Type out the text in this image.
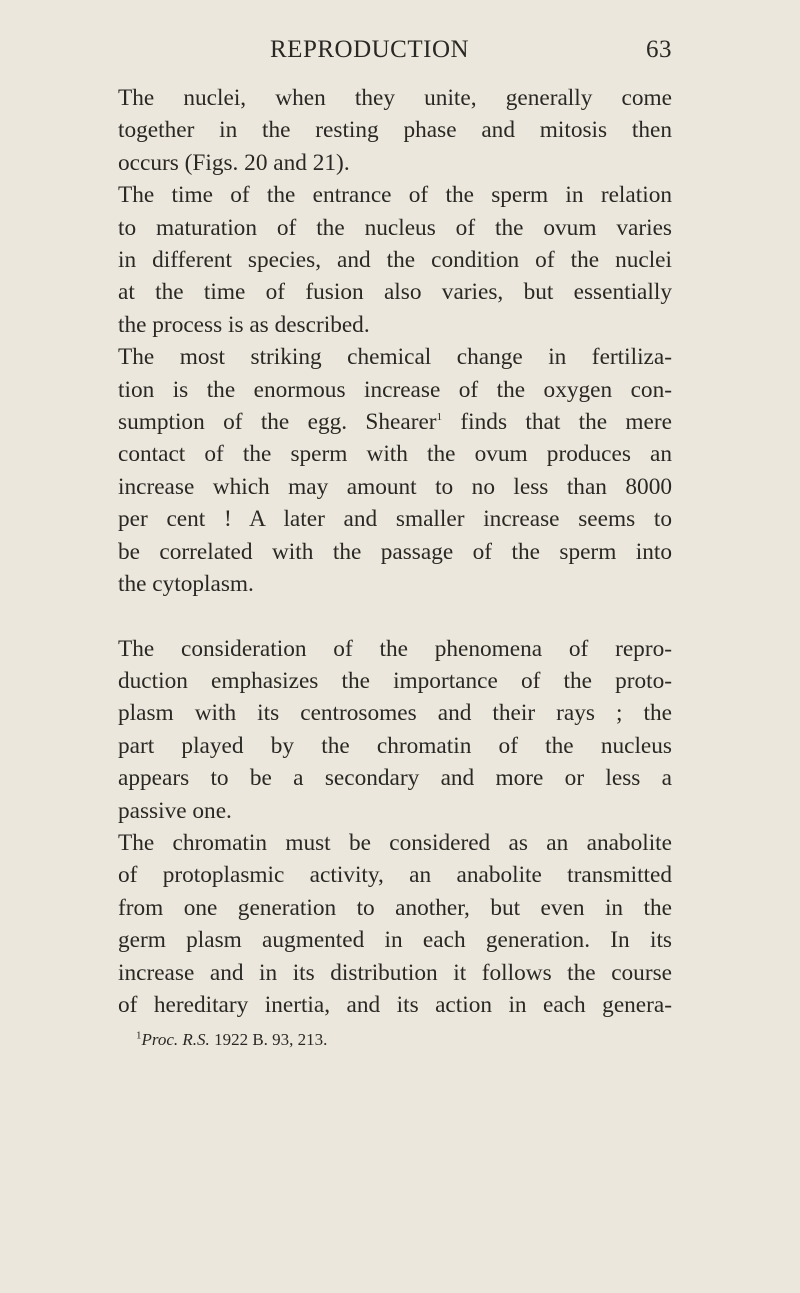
REPRODUCTION	63

The nuclei, when they unite, generally come
together in the resting phase and mitosis then
occurs (Figs. 20 and 21).

The time of the entrance of the sperm in relation
to maturation of the nucleus of the ovum varies
in different species, and the condition of the nuclei
at the time of fusion also varies, but essentially
the process is as described.

The most striking chemical change in fertiliza-
tion is the enormous increase of the oxygen con-
sumption of the egg. Shearer$^1$ finds that the mere
contact of the sperm with the ovum produces an
increase which may amount to no less than 8000
per cent ! A later and smaller increase seems to
be correlated with the passage of the sperm into
the cytoplasm.

The consideration of the phenomena of repro-
duction emphasizes the importance of the proto-
plasm with its centrosomes and their rays ; the
part played by the chromatin of the nucleus
appears to be a secondary and more or less a
passive one.

The chromatin must be considered as an anabolite
of protoplasmic activity, an anabolite transmitted
from one generation to another, but even in the
germ plasm augmented in each generation. In its
increase and in its distribution it follows the course
of hereditary inertia, and its action in each genera-

$^1$Proc. R.S. 1922 B. 93, 213.
